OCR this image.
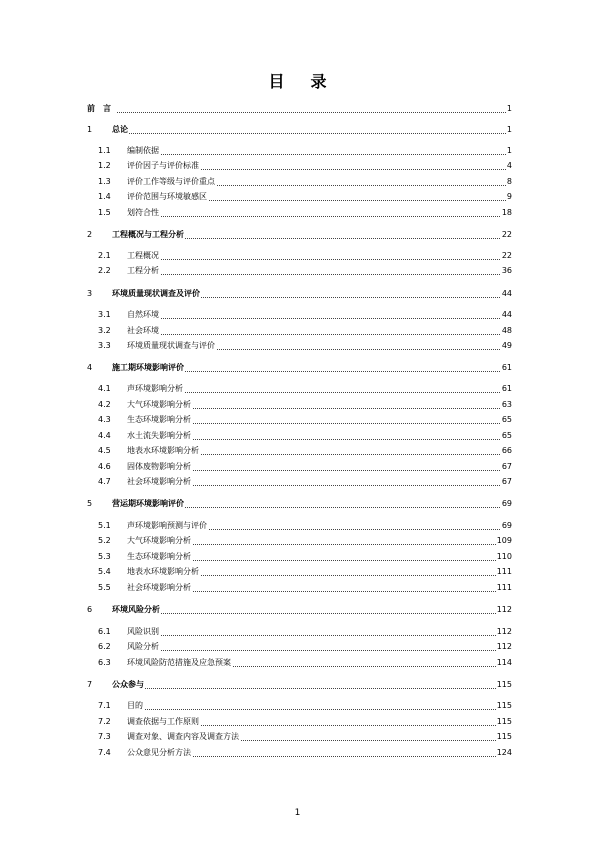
目 录
前　言	1
1 总论	1
1.1 编制依据	1
1.2 评价因子与评价标准	4
1.3 评价工作等级与评价重点	8
1.4 评价范围与环境敏感区	9
1.5 划符合性	18
2 工程概况与工程分析	22
2.1 工程概况	22
2.2 工程分析	36
3 环境质量现状调查及评价	44
3.1 自然环境	44
3.2 社会环境	48
3.3 环境质量现状调查与评价	49
4 施工期环境影响评价	61
4.1 声环境影响分析	61
4.2 大气环境影响分析	63
4.3 生态环境影响分析	65
4.4 水土流失影响分析	65
4.5 地表水环境影响分析	66
4.6 固体废物影响分析	67
4.7 社会环境影响分析	67
5 营运期环境影响评价	69
5.1 声环境影响预测与评价	69
5.2 大气环境影响分析	109
5.3 生态环境影响分析	110
5.4 地表水环境影响分析	111
5.5 社会环境影响分析	111
6 环境风险分析	112
6.1 风险识别	112
6.2 风险分析	112
6.3 环境风险防范措施及应急预案	114
7 公众参与	115
7.1 目的	115
7.2 调查依据与工作原则	115
7.3 调查对象、调查内容及调查方法	115
7.4 公众意见分析方法	124
1
